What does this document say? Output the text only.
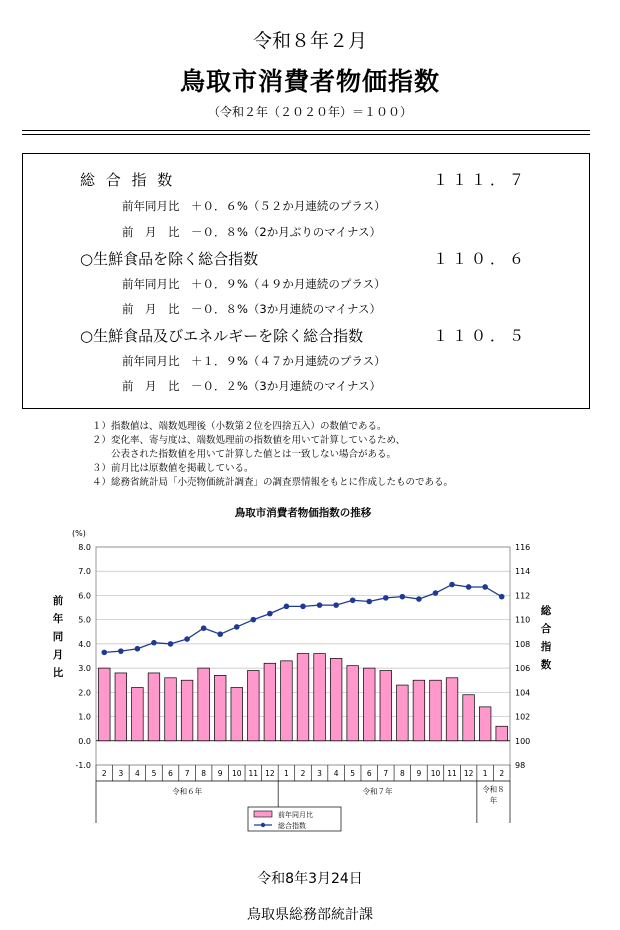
令和８年２月
鳥取市消費者物価指数
（令和２年（２０２０年）＝１００）
総 合 指 数	１１１．７
前年同月比　＋０．６%（５２か月連続のプラス）
前　月　比　－０．８%（2か月ぶりのマイナス）
○生鮮食品を除く総合指数	１１０．６
前年同月比　＋０．９%（４９か月連続のプラス）
前　月　比　－０．８%（3か月連続のマイナス）
○生鮮食品及びエネルギーを除く総合指数	１１０．５
前年同月比　＋１．９%（４７か月連続のプラス）
前　月　比　－０．２%（3か月連続のマイナス）
１）指数値は、端数処理後（小数第２位を四捨五入）の数値である。
２）変化率、寄与度は、端数処理前の指数値を用いて計算しているため、
　　公表された指数値を用いて計算した値とは一致しない場合がある。
３）前月比は原数値を掲載している。
４）総務省統計局「小売物価統計調査」の調査票情報をもとに作成したものである。
鳥取市消費者物価指数の推移
8.0	116
7.0	114
6.0	112
5.0	110
4.0	108
3.0	106
2.0	104
1.0	102
0.0	100
-1.0	98
(%)
前年同月比
総合指数
2 3 4 5 6 7 8 9 10 11 12 1 2 3 4 5 6 7 8 9 10 11 12 1 2
令和６年	令和７年	令和８年
前年同月比
総合指数
令和8年3月24日
鳥取県総務部統計課
